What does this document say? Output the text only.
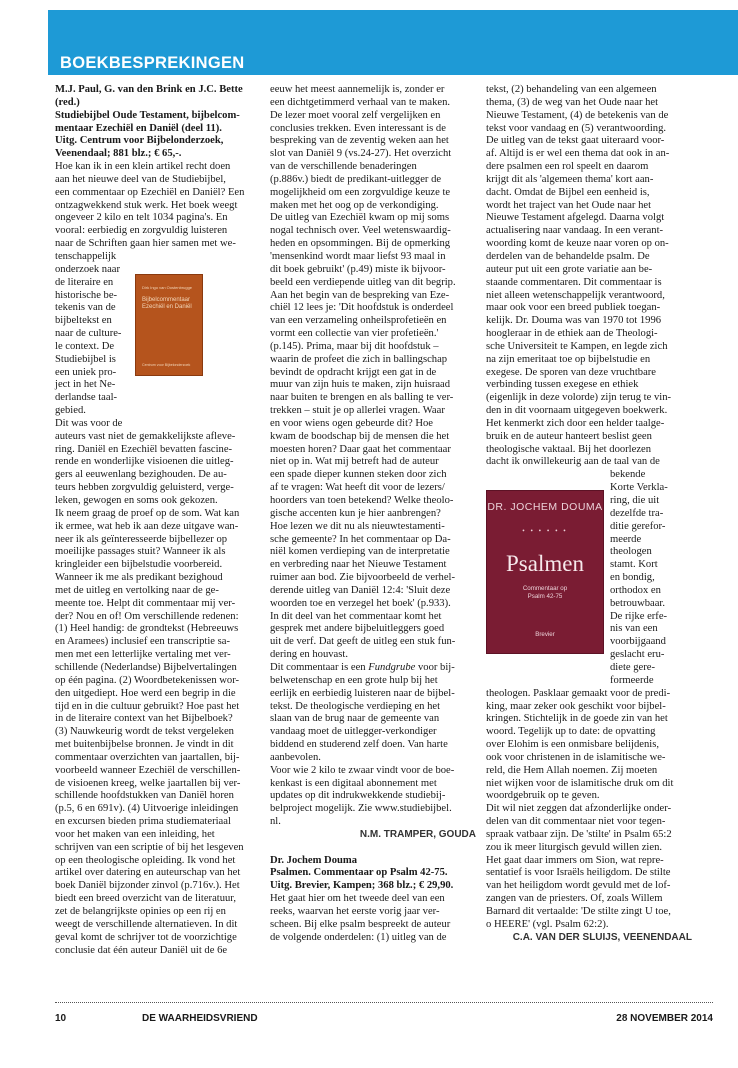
BOEKBESPREKINGEN
Dirk Ingo van Oostenbrugge
Bijbelcommentaar Ezechiël en Daniël
Centrum voor Bijbelonderzoek
DR. JOCHEM DOUMA
• • • • • •
Psalmen
Commentaar op
Psalm 42-75
Brevier
M.J. Paul, G. van den Brink en J.C. Bette
(red.)
Studiebijbel Oude Testament, bijbelcom-
mentaar Ezechiël en Daniël (deel 11).
Uitg. Centrum voor Bijbelonderzoek,
Veenendaal; 881 blz.; € 65,-.
Hoe kan ik in een klein artikel recht doen
aan het nieuwe deel van de Studiebijbel,
een commentaar op Ezechiël en Daniël? Een
ontzagwekkend stuk werk. Het boek weegt
ongeveer 2 kilo en telt 1034 pagina's. En
vooral: eerbiedig en zorgvuldig luisteren
naar de Schriften gaan hier samen met we-
tenschappelijk
onderzoek naar
de literaire en
historische be-
tekenis van de
bijbeltekst en
naar de culture-
le context. De
Studiebijbel is
een uniek pro-
ject in het Ne-
derlandse taal-
gebied.
Dit was voor de
auteurs vast niet de gemakkelijkste aflevе-
ring. Daniël en Ezechiël bevatten fascine-
rende en wonderlijke visioenen die uitleg-
gers al eeuwenlang bezighouden. De au-
teurs hebben zorgvuldig geluisterd, verge-
leken, gewogen en soms ook gekozen.
Ik neem graag de proef op de som. Wat kan
ik ermee, wat heb ik aan deze uitgave wan-
neer ik als geïnteresseerde bijbellezer op
moeilijke passages stuit? Wanneer ik als
kringleider een bijbelstudie voorbereid.
Wanneer ik me als predikant bezighoud
met de uitleg en vertolking naar de ge-
meente toe. Helpt dit commentaar mij ver-
der? Nou en of! Om verschillende redenen:
(1) Heel handig: de grondtekst (Hebreeuws
en Aramees) inclusief een transcriptie sa-
men met een letterlijke vertaling met ver-
schillende (Nederlandse) Bijbelvertalingen
op één pagina. (2) Woordbetekenissen wor-
den uitgediept. Hoe werd een begrip in die
tijd en in die cultuur gebruikt? Hoe past het
in de literaire context van het Bijbelboek?
(3) Nauwkeurig wordt de tekst vergeleken
met buitenbijbelse bronnen. Je vindt in dit
commentaar overzichten van jaartallen, bij-
voorbeeld wanneer Ezechiël de verschillen-
de visioenen kreeg, welke jaartallen bij ver-
schillende hoofdstukken van Daniël horen
(p.5, 6 en 691v). (4) Uitvoerige inleidingen
en excursen bieden prima studiemateriaal
voor het maken van een inleiding, het
schrijven van een scriptie of bij het lesgeven
op een theologische opleiding. Ik vond het
artikel over datering en auteurschap van het
boek Daniël bijzonder zinvol (p.716v.). Het
biedt een breed overzicht van de literatuur,
zet de belangrijkste opinies op een rij en
weegt de verschillende alternatieven. In dit
geval komt de schrijver tot de voorzichtige
conclusie dat één auteur Daniël uit de 6e
eeuw het meest aannemelijk is, zonder er
een dichtgetimmerd verhaal van te maken.
De lezer moet vooral zelf vergelijken en
conclusies trekken. Even interessant is de
bespreking van de zeventig weken aan het
slot van Daniël 9 (vs.24-27). Het overzicht
van de verschillende benaderingen
(p.886v.) biedt de predikant-uitlegger de
mogelijkheid om een zorgvuldige keuze te
maken met het oog op de verkondiging.
De uitleg van Ezechiël kwam op mij soms
nogal technisch over. Veel wetenswaardig-
heden en opsommingen. Bij de opmerking
'mensenkind wordt maar liefst 93 maal in
dit boek gebruikt' (p.49) miste ik bijvoor-
beeld een verdiepende uitleg van dit begrip.
Aan het begin van de bespreking van Eze-
chiël 12 lees je: 'Dit hoofdstuk is onderdeel
van een verzameling onheilsprofetieën en
vormt een collectie van vier profetieën.'
(p.145). Prima, maar bij dit hoofdstuk –
waarin de profeet die zich in ballingschap
bevindt de opdracht krijgt een gat in de
muur van zijn huis te maken, zijn huisraad
naar buiten te brengen en als balling te ver-
trekken – stuit je op allerlei vragen. Waar
en voor wiens ogen gebeurde dit? Hoe
kwam de boodschap bij de mensen die het
moesten horen? Daar gaat het commentaar
niet op in. Wat mij betreft had de auteur
een spade dieper kunnen steken door zich
af te vragen: Wat heeft dit voor de lezers/
hoorders van toen betekend? Welke theolo-
gische accenten kun je hier aanbrengen?
Hoe lezen we dit nu als nieuwtestamenti-
sche gemeente? In het commentaar op Da-
niël komen verdieping van de interpretatie
en verbreding naar het Nieuwe Testament
ruimer aan bod. Zie bijvoorbeeld de verhel-
derende uitleg van Daniël 12:4: 'Sluit deze
woorden toe en verzegel het boek' (p.933).
In dit deel van het commentaar komt het
gesprek met andere bijbeluitleggers goed
uit de verf. Dat geeft de uitleg een stuk fun-
dering en houvast.
Dit commentaar is een Fundgrube voor bij-
belwetenschap en een grote hulp bij het
eerlijk en eerbiedig luisteren naar de bijbel-
tekst. De theologische verdieping en het
slaan van de brug naar de gemeente van
vandaag moet de uitlegger-verkondiger
biddend en studerend zelf doen. Van harte
aanbevolen.
Voor wie 2 kilo te zwaar vindt voor de boe-
kenkast is een digitaal abonnement met
updates op dit indrukwekkende studiebij-
belproject mogelijk. Zie www.studiebijbel.
nl.
N.M. TRAMPER, GOUDA
Dr. Jochem Douma
Psalmen. Commentaar op Psalm 42-75.
Uitg. Brevier, Kampen; 368 blz.; € 29,90.
Het gaat hier om het tweede deel van een
reeks, waarvan het eerste vorig jaar ver-
scheen. Bij elke psalm bespreekt de auteur
de volgende onderdelen: (1) uitleg van de
tekst, (2) behandeling van een algemeen
thema, (3) de weg van het Oude naar het
Nieuwe Testament, (4) de betekenis van de
tekst voor vandaag en (5) verantwoording.
De uitleg van de tekst gaat uiteraard voor-
af. Altijd is er wel een thema dat ook in an-
dere psalmen een rol speelt en daarom
krijgt dit als 'algemeen thema' kort aan-
dacht. Omdat de Bijbel een eenheid is,
wordt het traject van het Oude naar het
Nieuwe Testament afgelegd. Daarna volgt
actualisering naar vandaag. In een verant-
woording komt de keuze naar voren op on-
derdelen van de behandelde psalm. De
auteur put uit een grote variatie aan be-
staande commentaren. Dit commentaar is
niet alleen wetenschappelijk verantwoord,
maar ook voor een breed publiek toegan-
kelijk. Dr. Douma was van 1970 tot 1996
hoogleraar in de ethiek aan de Theologi-
sche Universiteit te Kampen, en legde zich
na zijn emeritaat toe op bijbelstudie en
exegese. De sporen van deze vruchtbare
verbinding tussen exegese en ethiek
(eigenlijk in deze volorde) zijn terug te vin-
den in dit voornaam uitgegeven boekwerk.
Het kenmerkt zich door een helder taalge-
bruik en de auteur hanteert beslist geen
theologische vaktaal. Bij het doorlezen
dacht ik onwillekeurig aan de taal van de
bekende
Korte Verkla-
ring, die uit
dezelfde tra-
ditie gerefor-
meerde
theologen
stamt. Kort
en bondig,
orthodox en
betrouwbaar.
De rijke erfe-
nis van een
voorbijgaand
geslacht eru-
diete gere-
formeerde
theologen. Pasklaar gemaakt voor de predi-
king, maar zeker ook geschikt voor bijbel-
kringen. Stichtelijk in de goede zin van het
woord. Tegelijk up to date: de opvatting
over Elohim is een onmisbare belijdenis,
ook voor christenen in de islamitische we-
reld, die Hem Allah noemen. Zij moeten
niet wijken voor de islamitische druk om dit
woordgebruik op te geven.
Dit wil niet zeggen dat afzonderlijke onder-
delen van dit commentaar niet voor tegen-
spraak vatbaar zijn. De 'stilte' in Psalm 65:2
zou ik meer liturgisch gevuld willen zien.
Het gaat daar immers om Sion, wat repre-
sentatief is voor Israëls heiligdom. De stilte
van het heiligdom wordt gevuld met de lof-
zangen van de priesters. Of, zoals Willem
Barnard dit vertaalde: 'De stilte zingt U toe,
o HEERE' (vgl. Psalm 62:2).
C.A. VAN DER SLUIJS, VEENENDAAL
10	DE WAARHEIDSVRIEND	28 NOVEMBER 2014
